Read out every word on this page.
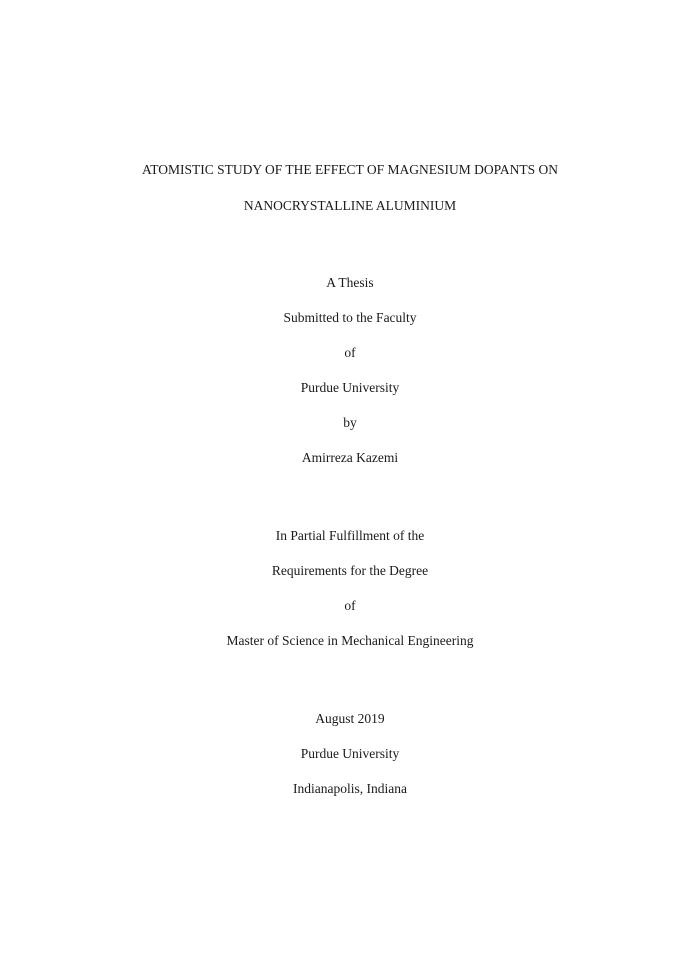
ATOMISTIC STUDY OF THE EFFECT OF MAGNESIUM DOPANTS ON
NANOCRYSTALLINE ALUMINIUM
A Thesis
Submitted to the Faculty
of
Purdue University
by
Amirreza Kazemi
In Partial Fulfillment of the
Requirements for the Degree
of
Master of Science in Mechanical Engineering
August 2019
Purdue University
Indianapolis, Indiana
